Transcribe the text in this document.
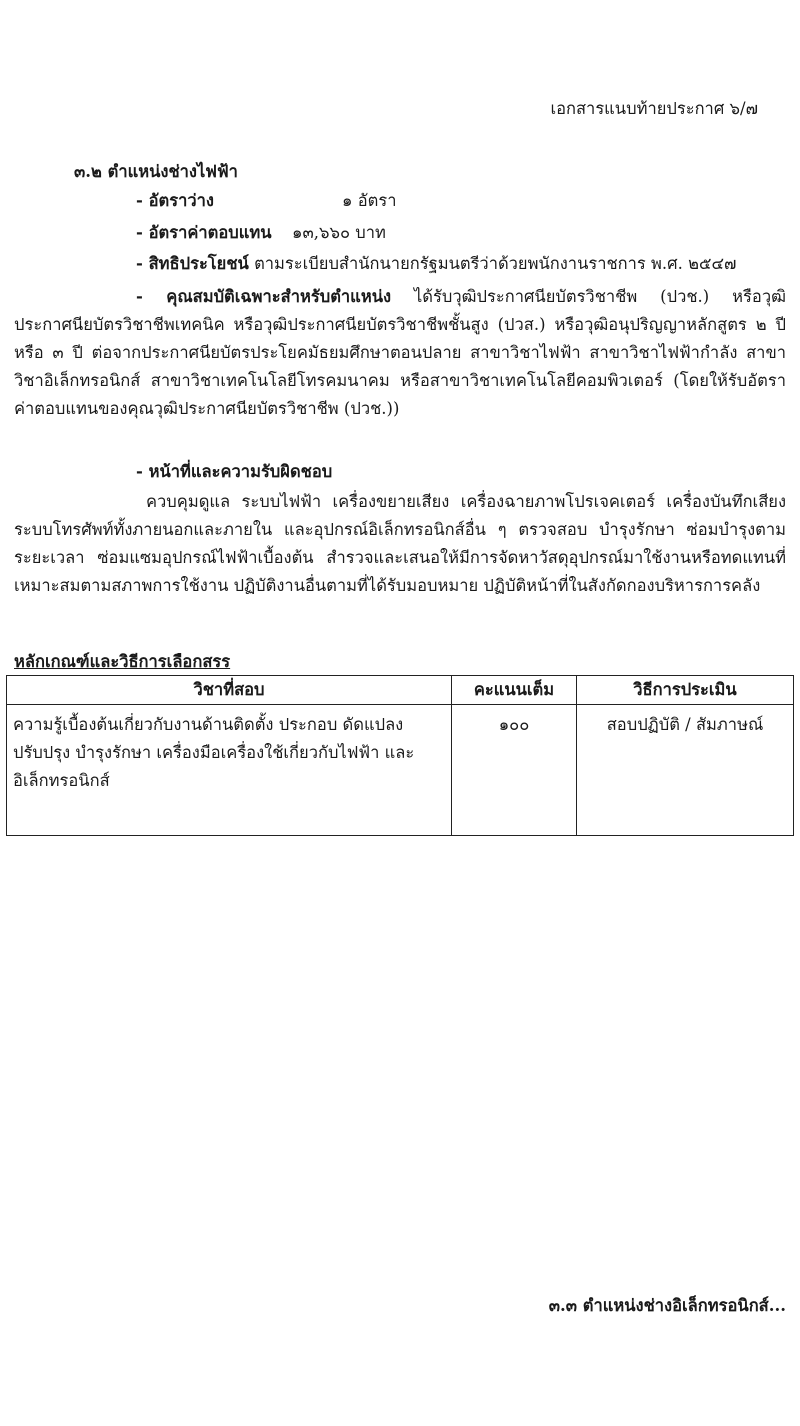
เอกสารแนบท้ายประกาศ ๖/๗
๓.๒ ตำแหน่งช่างไฟฟ้า
- อัตราว่าง	๑ อัตรา
- อัตราค่าตอบแทน ๑๓,๖๖๐ บาท
- สิทธิประโยชน์ ตามระเบียบสำนักนายกรัฐมนตรีว่าด้วยพนักงานราชการ พ.ศ. ๒๕๔๗
- คุณสมบัติเฉพาะสำหรับตำแหน่ง ได้รับวุฒิประกาศนียบัตรวิชาชีพ (ปวช.) หรือวุฒิประกาศนียบัตรวิชาชีพเทคนิค หรือวุฒิประกาศนียบัตรวิชาชีพชั้นสูง (ปวส.) หรือวุฒิอนุปริญญาหลักสูตร ๒ ปี หรือ ๓ ปี ต่อจากประกาศนียบัตรประโยคมัธยมศึกษาตอนปลาย สาขาวิชาไฟฟ้า สาขาวิชาไฟฟ้ากำลัง สาขาวิชาอิเล็กทรอนิกส์ สาขาวิชาเทคโนโลยีโทรคมนาคม หรือสาขาวิชาเทคโนโลยีคอมพิวเตอร์ (โดยให้รับอัตราค่าตอบแทนของคุณวุฒิประกาศนียบัตรวิชาชีพ (ปวช.))
- หน้าที่และความรับผิดชอบ
ควบคุมดูแล ระบบไฟฟ้า เครื่องขยายเสียง เครื่องฉายภาพโปรเจคเตอร์ เครื่องบันทึกเสียง ระบบโทรศัพท์ทั้งภายนอกและภายใน และอุปกรณ์อิเล็กทรอนิกส์อื่น ๆ ตรวจสอบ บำรุงรักษา ซ่อมบำรุงตามระยะเวลา ซ่อมแซมอุปกรณ์ไฟฟ้าเบื้องต้น สำรวจและเสนอให้มีการจัดหาวัสดุอุปกรณ์มาใช้งานหรือทดแทนที่เหมาะสมตามสภาพการใช้งาน ปฏิบัติงานอื่นตามที่ได้รับมอบหมาย ปฏิบัติหน้าที่ในสังกัดกองบริหารการคลัง
หลักเกณฑ์และวิธีการเลือกสรร
วิชาที่สอบ	คะแนนเต็ม	วิธีการประเมิน
ความรู้เบื้องต้นเกี่ยวกับงานด้านติดตั้ง ประกอบ ดัดแปลง ปรับปรุง บำรุงรักษา เครื่องมือเครื่องใช้เกี่ยวกับไฟฟ้า และอิเล็กทรอนิกส์	๑๐๐	สอบปฏิบัติ / สัมภาษณ์
๓.๓ ตำแหน่งช่างอิเล็กทรอนิกส์...
